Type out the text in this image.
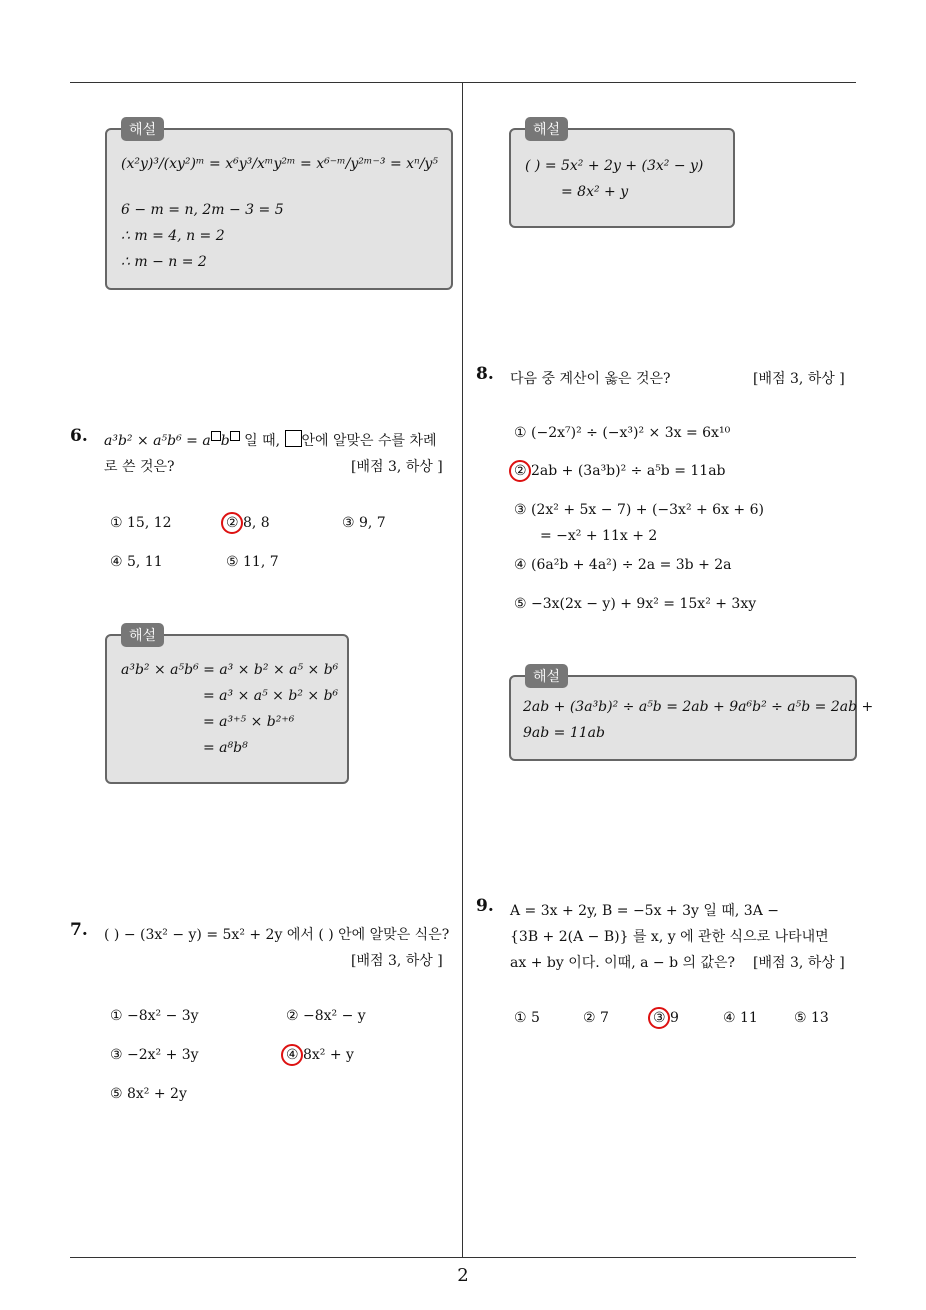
해설
(x²y)³/(xy²)ᵐ = x⁶y³/xᵐy²ᵐ = x⁶⁻ᵐ/y²ᵐ⁻³ = xⁿ/y⁵
6 − m = n, 2m − 3 = 5
∴ m = 4, n = 2
∴ m − n = 2
6. a³b² × a⁵b⁶ = a b 일 때, 안에 알맞은 수를 차례
로 쓴 것은?	[배점 3, 하상 ]
① 15, 12	② 8, 8	③ 9, 7
④ 5, 11	⑤ 11, 7
해설
a³b² × a⁵b⁶ = a³ × b² × a⁵ × b⁶
= a³ × a⁵ × b² × b⁶
= a³⁺⁵ × b²⁺⁶
= a⁸b⁸
7. ( ) − (3x² − y) = 5x² + 2y 에서 ( ) 안에 알맞은 식은?
[배점 3, 하상 ]
① −8x² − 3y	② −8x² − y
③ −2x² + 3y	④ 8x² + y
⑤ 8x² + 2y
해설
( ) = 5x² + 2y + (3x² − y)
= 8x² + y
8. 다음 중 계산이 옳은 것은?	[배점 3, 하상 ]
① (−2x⁷)² ÷ (−x³)² × 3x = 6x¹⁰
② 2ab + (3a³b)² ÷ a⁵b = 11ab
③ (2x² + 5x − 7) + (−3x² + 6x + 6)
= −x² + 11x + 2
④ (6a²b + 4a²) ÷ 2a = 3b + 2a
⑤ −3x(2x − y) + 9x² = 15x² + 3xy
해설
2ab + (3a³b)² ÷ a⁵b = 2ab + 9a⁶b² ÷ a⁵b = 2ab +
9ab = 11ab
9. A = 3x + 2y, B = −5x + 3y 일 때, 3A −
{3B + 2(A − B)} 를 x, y 에 관한 식으로 나타내면
ax + by 이다. 이때, a − b 의 값은? [배점 3, 하상 ]
① 5	② 7	③ 9	④ 11	⑤ 13
2
